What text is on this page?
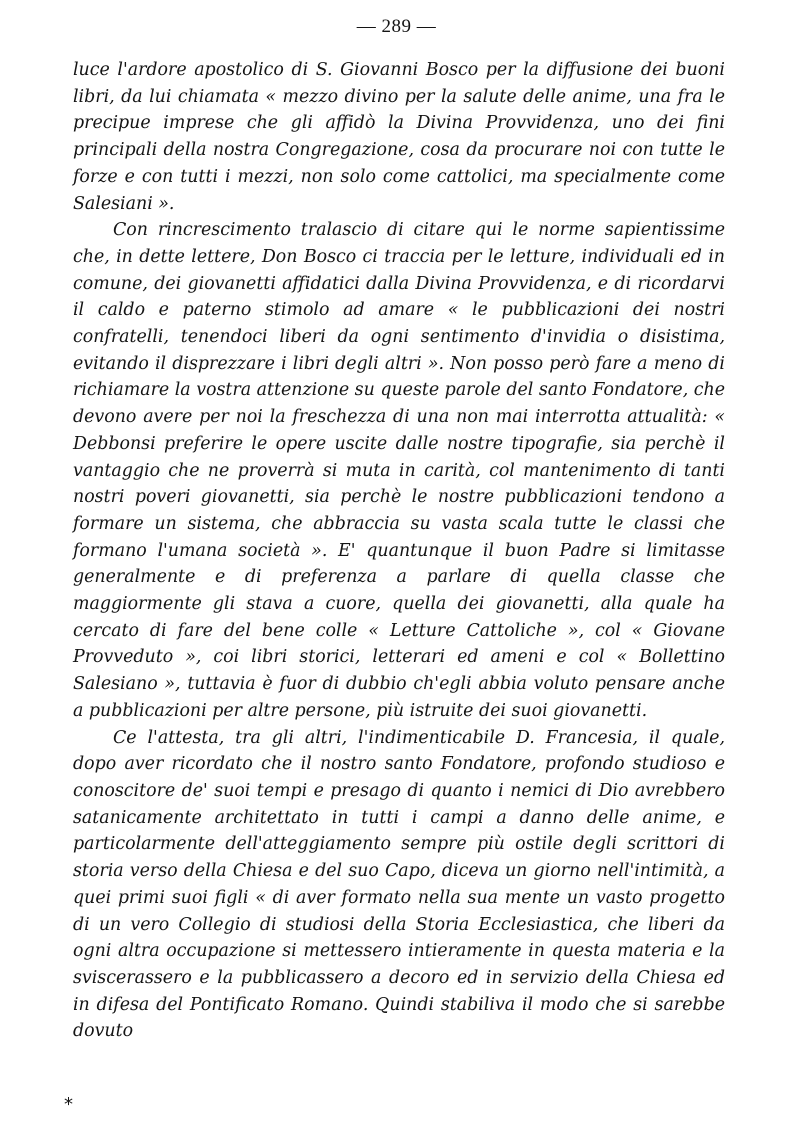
— 289 —

luce l'ardore apostolico di S. Giovanni Bosco per la diffusione dei buoni libri, da lui chiamata « mezzo divino per la salute delle anime, una fra le precipue imprese che gli affidò la Divina Provvidenza, uno dei fini principali della nostra Congregazione, cosa da procurare noi con tutte le forze e con tutti i mezzi, non solo come cattolici, ma specialmente come Salesiani ».

Con rincrescimento tralascio di citare qui le norme sapientissime che, in dette lettere, Don Bosco ci traccia per le letture, individuali ed in comune, dei giovanetti affidatici dalla Divina Provvidenza, e di ricordarvi il caldo e paterno stimolo ad amare « le pubblicazioni dei nostri confratelli, tenendoci liberi da ogni sentimento d'invidia o disistima, evitando il disprezzare i libri degli altri ». Non posso però fare a meno di richiamare la vostra attenzione su queste parole del santo Fondatore, che devono avere per noi la freschezza di una non mai interrotta attualità: « Debbonsi preferire le opere uscite dalle nostre tipografie, sia perchè il vantaggio che ne proverrà si muta in carità, col mantenimento di tanti nostri poveri giovanetti, sia perchè le nostre pubblicazioni tendono a formare un sistema, che abbraccia su vasta scala tutte le classi che formano l'umana società ». E' quantunque il buon Padre si limitasse generalmente e di preferenza a parlare di quella classe che maggiormente gli stava a cuore, quella dei giovanetti, alla quale ha cercato di fare del bene colle « Letture Cattoliche », col « Giovane Provveduto », coi libri storici, letterari ed ameni e col « Bollettino Salesiano », tuttavia è fuor di dubbio ch'egli abbia voluto pensare anche a pubblicazioni per altre persone, più istruite dei suoi giovanetti.

Ce l'attesta, tra gli altri, l'indimenticabile D. Francesia, il quale, dopo aver ricordato che il nostro santo Fondatore, profondo studioso e conoscitore de' suoi tempi e presago di quanto i nemici di Dio avrebbero satanicamente architettato in tutti i campi a danno delle anime, e particolarmente dell'atteggiamento sempre più ostile degli scrittori di storia verso della Chiesa e del suo Capo, diceva un giorno nell'intimità, a quei primi suoi figli « di aver formato nella sua mente un vasto progetto di un vero Collegio di studiosi della Storia Ecclesiastica, che liberi da ogni altra occupazione si mettessero intieramente in questa materia e la sviscerassero e la pubblicassero a decoro ed in servizio della Chiesa ed in difesa del Pontificato Romano. Quindi stabiliva il modo che si sarebbe dovuto

*
